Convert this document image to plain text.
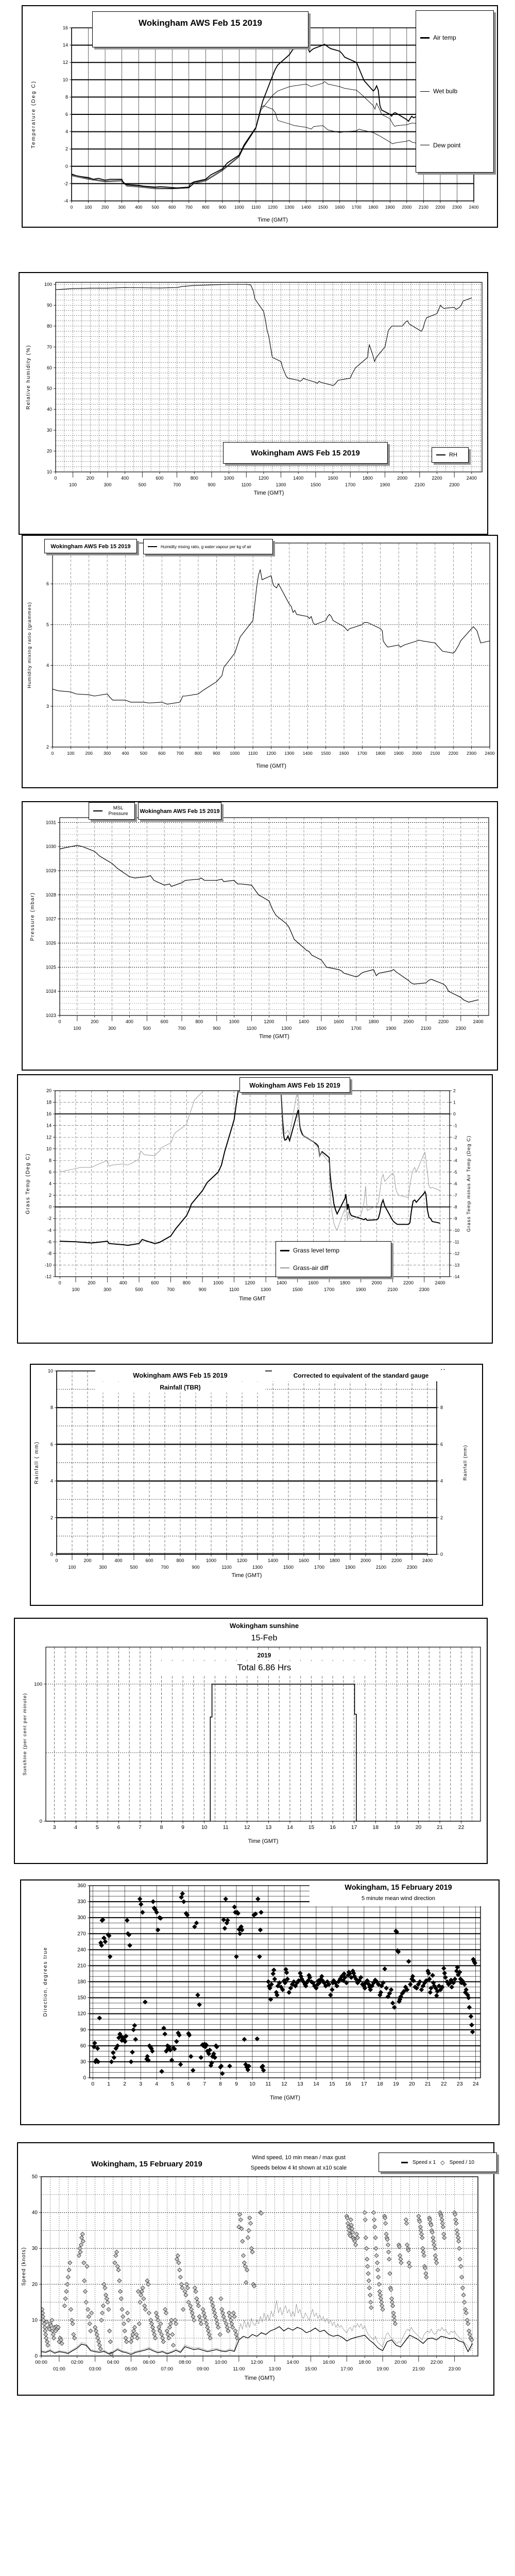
0	100 200 300 400 500 600 700 800 900 1000 1100 1200 1300 1400 1500 1600 1700 1800 1900 2000 2100 2200 2300 2400
Time (GMT)
-4
-2
0
2
4
6
8
10
12
14
16
Temperature (Deg C)
Wokingham AWS Feb 15 2019
Air temp
Wet bulb
Dew point
0
100
200
300
400
500
600
700
800
900
1000
1100
1200
1300
1400
1500
1600
1700
1800
1900
2000
2100
2200
2300
2400
Time (GMT)
10
20
30
40
50
60
70
80
90
100
Relative humidity (%)
Wokingham AWS Feb 15 2019	RH
0	100 200 300 400 500 600 700 800 900 1000 1100 1200 1300 1400 1500 1600 1700 1800 1900 2000 2100 2200 2300 2400
Time (GMT)
2
3
4
5
6
Humidity mixing ratio (grammes)
Wokingham AWS Feb 15 2019	Humidity mixing ratio, g water vapour per kg of air
0
100
200
300
400
500
600
700
800
900
1000
1100
1200
1300
1400
1500
1600
1700
1800
1900
2000
2100
2200
2300
2400
Time (GMT)
1023
1024
1025
1026
1027
1028
1029
1030
1031
Pressure (mbar)
MSL Pressure	Wokingham AWS Feb 15 2019
0
100
200
300
400
500
600
700
800
900
1000
1100
1200
1300
1400
1500
1600
1700
1800
1900
2000
2100
2200
2300
2400
Time GMT
-12
-10
-8
-6
-4
-2
0
2
4
6
8
10
12
14
16
18
20
-14
-13
-12
-11
-10
-9
-8
-7
-6
-5
-4
-3
-2
-1
0
1
2
Grass Temp (Deg C)	Grass Temp minus Air Temp (Deg C)
Wokingham AWS Feb 15 2019
Grass level temp
Grass-air diff
0
100
200
300
400
500
600
700
800
900
1000
1100
1200
1300
1400
1500
1600
1700
1800
1900
2000
2100
2200
2300
2400
Time (GMT)
0
2
4
6
8
10
0
2
4
6
8
Rainfall ( mm)	Rainfall (mm)
Wokingham AWS Feb 15 2019
Rainfall (TBR)
Corrected to equivalent of the standard gauge
3	4	5	6	7	8	9	10	11	12	13	14	15	16	17	18	19	20	21	22
Time (GMT)
0
100
Sunshine (per cent per minute)
Wokingham sunshine
15-Feb
2019
Total 6.86 Hrs
0 1 2 3 4 5 6 7 8 9 10 11 12 13 14 15 16 17 18 19 20 21 22 23 24
Time (GMT)
0
30
60
90
120
150
180
210
240
270
300
330
360
Direction, degrees true
Wokingham, 15 February 2019
5 minute mean wind direction
00:00
01:00
02:00
03:00
04:00
05:00
06:00
07:00
08:00
09:00
10:00
11:00
12:00
13:00
14:00
15:00
16:00
17:00
18:00
19:00
20:00
21:00
22:00
23:00
Time (GMT)
0
10
20
30
40
50
Speed (knots)
Wokingham, 15 February 2019
Wind speed, 10 min mean / max gust
Speeds below 4 kt shown at x10 scale
Speed x 1 ◇ Speed / 10
